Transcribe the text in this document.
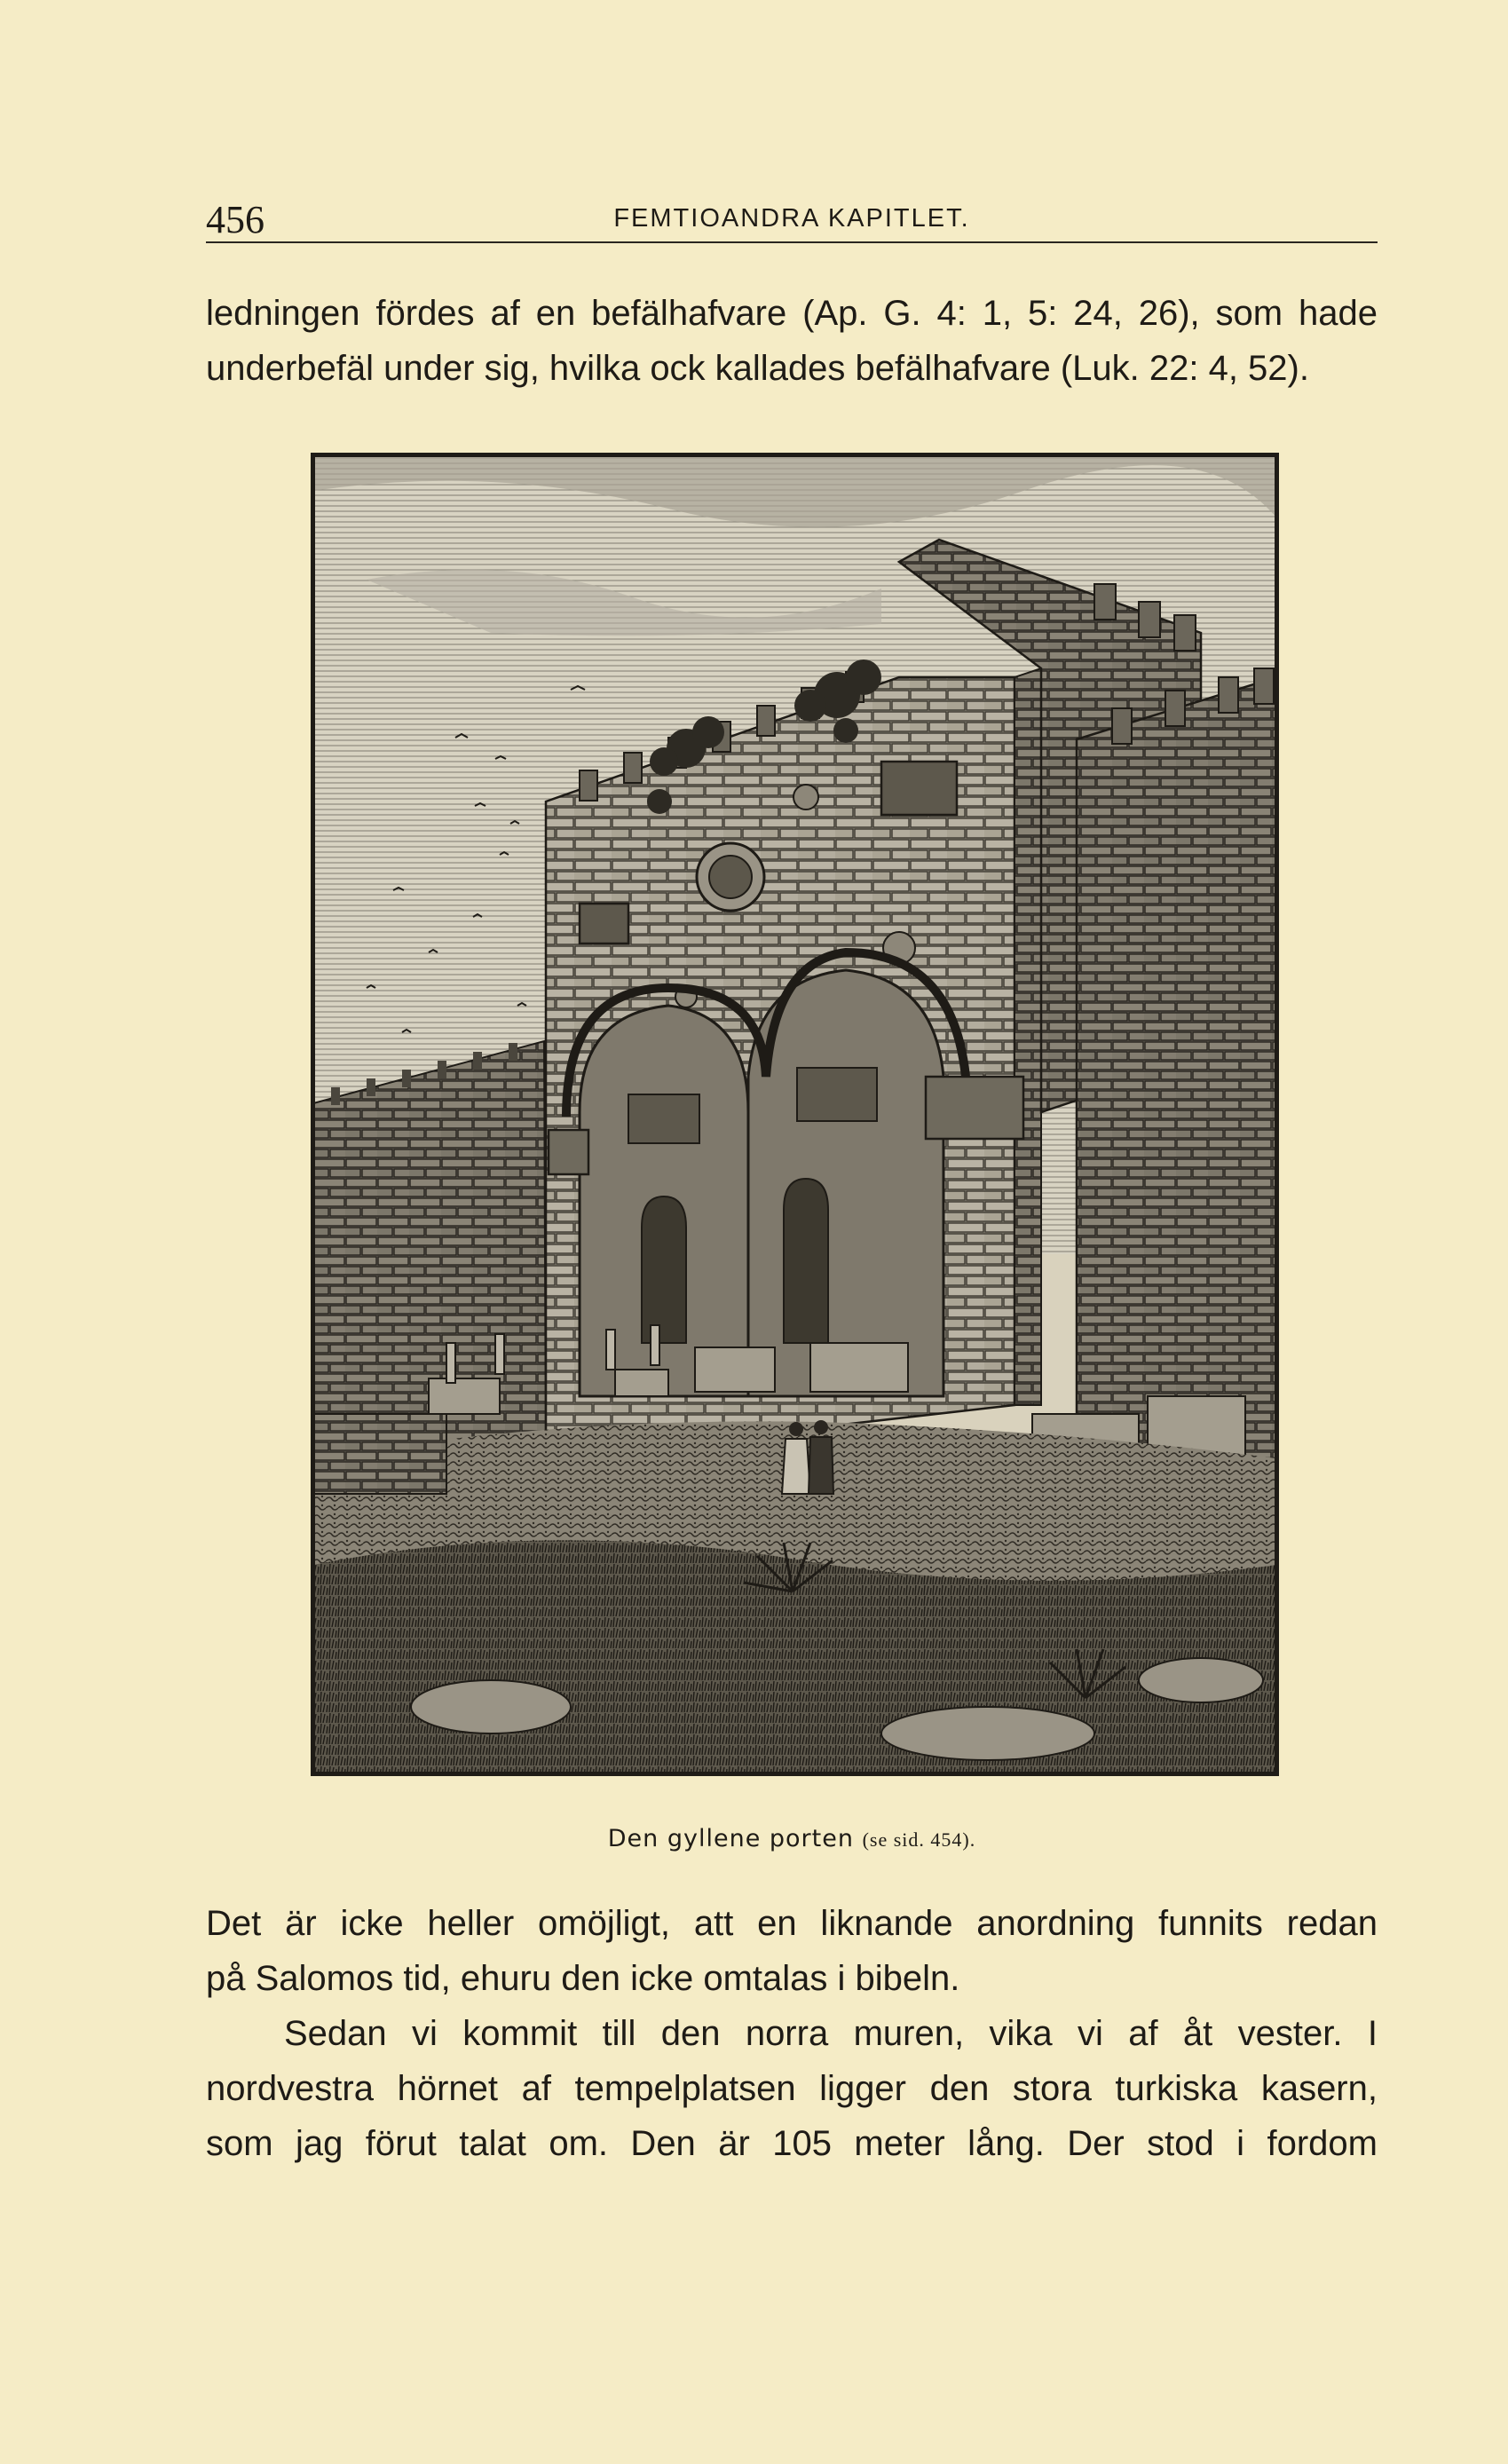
456	FEMTIOANDRA KAPITLET.
ledningen fördes af en befälhafvare (Ap. G. 4: 1, 5: 24, 26), som hade
underbefäl under sig, hvilka ock kallades befälhafvare (Luk. 22: 4, 52).
Den gyllene porten (se sid. 454).
Det är icke heller omöjligt, att en liknande anordning funnits redan
på Salomos tid, ehuru den icke omtalas i bibeln.
Sedan vi kommit till den norra muren, vika vi af åt vester. I
nordvestra hörnet af tempelplatsen ligger den stora turkiska kasern,
som jag förut talat om. Den är 105 meter lång. Der stod i fordom
